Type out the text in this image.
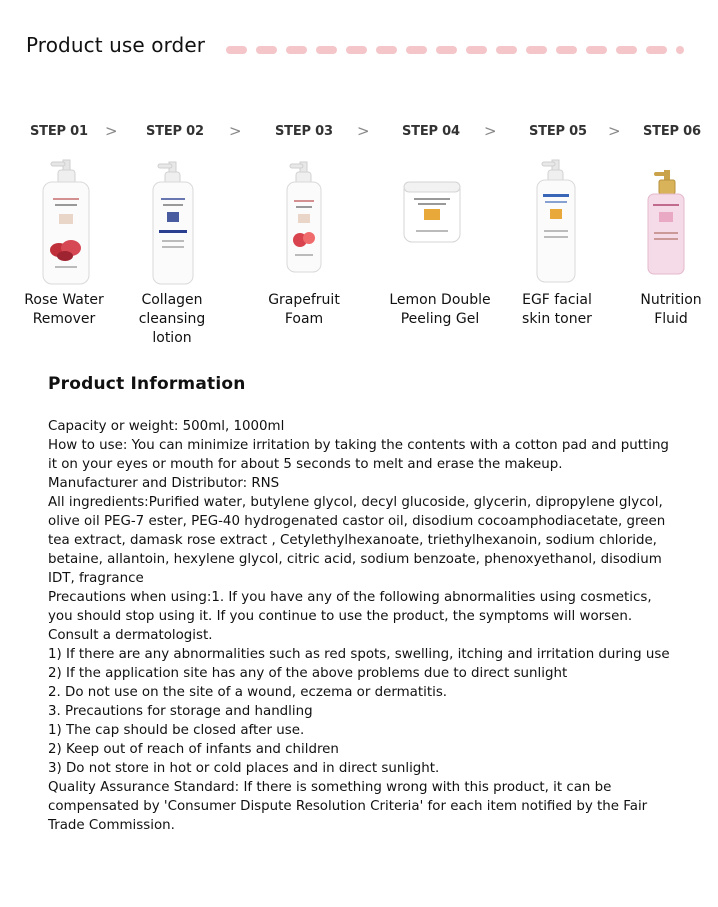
Product use order
STEP 01	STEP 02	STEP 03	STEP 04	STEP 05	STEP 06
>	>	>	>	>
Rose Water
Remover
Collagen
cleansing
lotion
Grapefruit
Foam
Lemon Double
Peeling Gel
EGF facial
skin toner
Nutrition
Fluid
Product Information

Capacity or weight: 500ml, 1000ml

How to use: You can minimize irritation by taking the contents with a cotton pad and putting it on your eyes or mouth for about 5 seconds to melt and erase the makeup.

Manufacturer and Distributor: RNS

All ingredients:Purified water, butylene glycol, decyl glucoside, glycerin, dipropylene glycol, olive oil PEG-7 ester, PEG-40 hydrogenated castor oil, disodium cocoamphodiacetate, green tea extract, damask rose extract , Cetylethylhexanoate, triethylhexanoin, sodium chloride, betaine, allantoin, hexylene glycol, citric acid, sodium benzoate, phenoxyethanol, disodium IDT, fragrance

Precautions when using:1. If you have any of the following abnormalities using cosmetics, you should stop using it. If you continue to use the product, the symptoms will worsen. Consult a dermatologist.

1) If there are any abnormalities such as red spots, swelling, itching and irritation during use

2) If the application site has any of the above problems due to direct sunlight

2. Do not use on the site of a wound, eczema or dermatitis.

3. Precautions for storage and handling

1) The cap should be closed after use.

2) Keep out of reach of infants and children

3) Do not store in hot or cold places and in direct sunlight.

Quality Assurance Standard: If there is something wrong with this product, it can be compensated by 'Consumer Dispute Resolution Criteria' for each item notified by the Fair Trade Commission.
